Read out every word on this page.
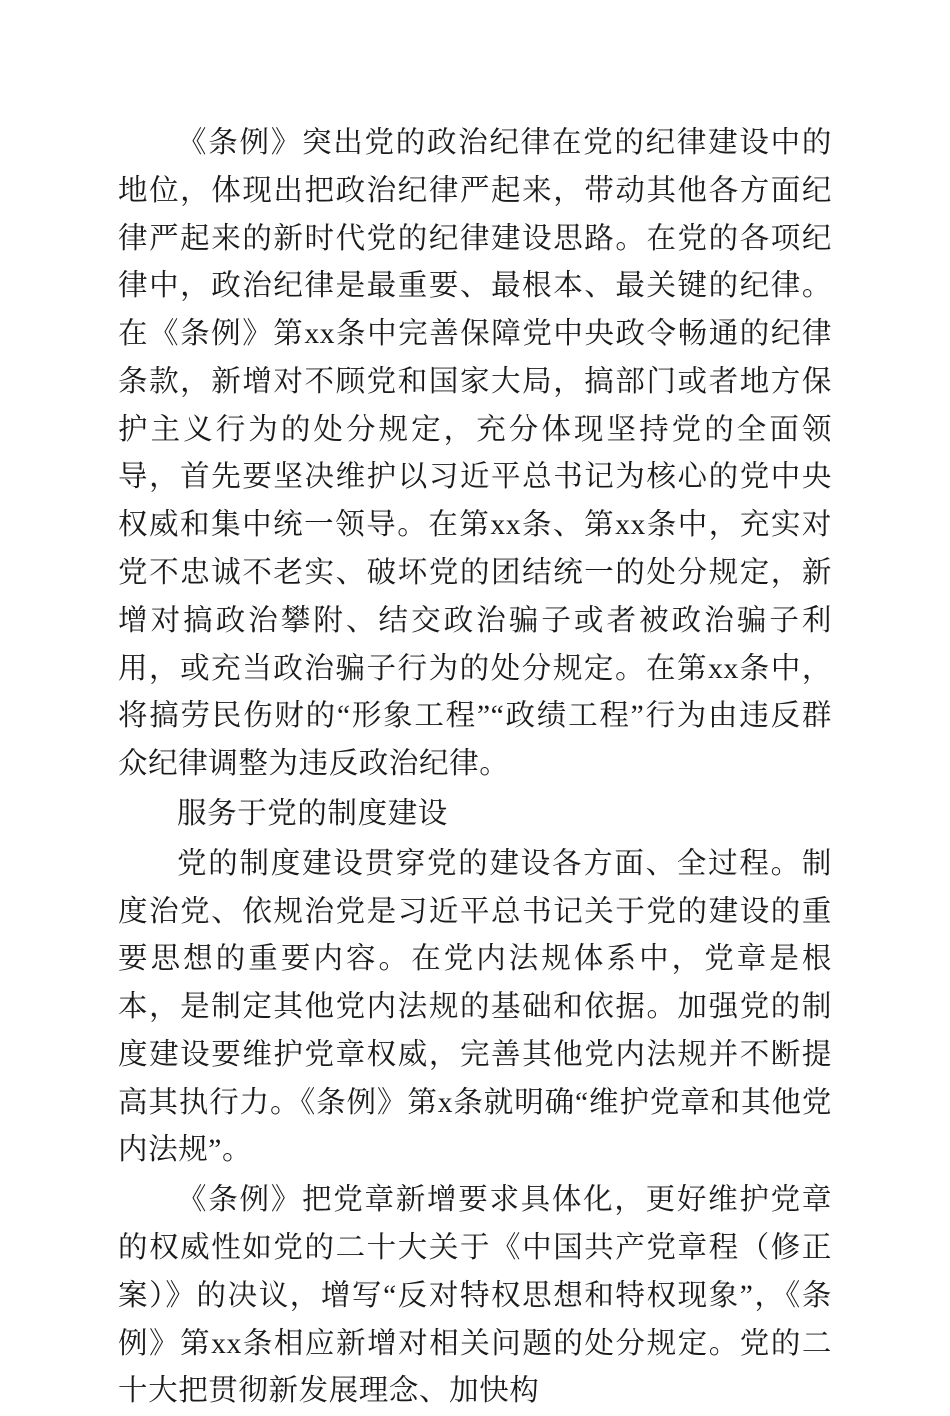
《条例》突出党的政治纪律在党的纪律建设中的地位，体现出把政治纪律严起来，带动其他各方面纪律严起来的新时代党的纪律建设思路。在党的各项纪律中，政治纪律是最重要、最根本、最关键的纪律。在《条例》第xx条中完善保障党中央政令畅通的纪律条款，新增对不顾党和国家大局，搞部门或者地方保护主义行为的处分规定，充分体现坚持党的全面领导，首先要坚决维护以习近平总书记为核心的党中央权威和集中统一领导。在第xx条、第xx条中，充实对党不忠诚不老实、破坏党的团结统一的处分规定，新增对搞政治攀附、结交政治骗子或者被政治骗子利用，或充当政治骗子行为的处分规定。在第xx条中，将搞劳民伤财的“形象工程”“政绩工程”行为由违反群众纪律调整为违反政治纪律。

服务于党的制度建设

党的制度建设贯穿党的建设各方面、全过程。制度治党、依规治党是习近平总书记关于党的建设的重要思想的重要内容。在党内法规体系中，党章是根本，是制定其他党内法规的基础和依据。加强党的制度建设要维护党章权威，完善其他党内法规并不断提高其执行力。《条例》第x条就明确“维护党章和其他党内法规”。

《条例》把党章新增要求具体化，更好维护党章的权威性如党的二十大关于《中国共产党章程（修正案）》的决议，增写“反对特权思想和特权现象”，《条例》第xx条相应新增对相关问题的处分规定。党的二十大把贯彻新发展理念、加快构
